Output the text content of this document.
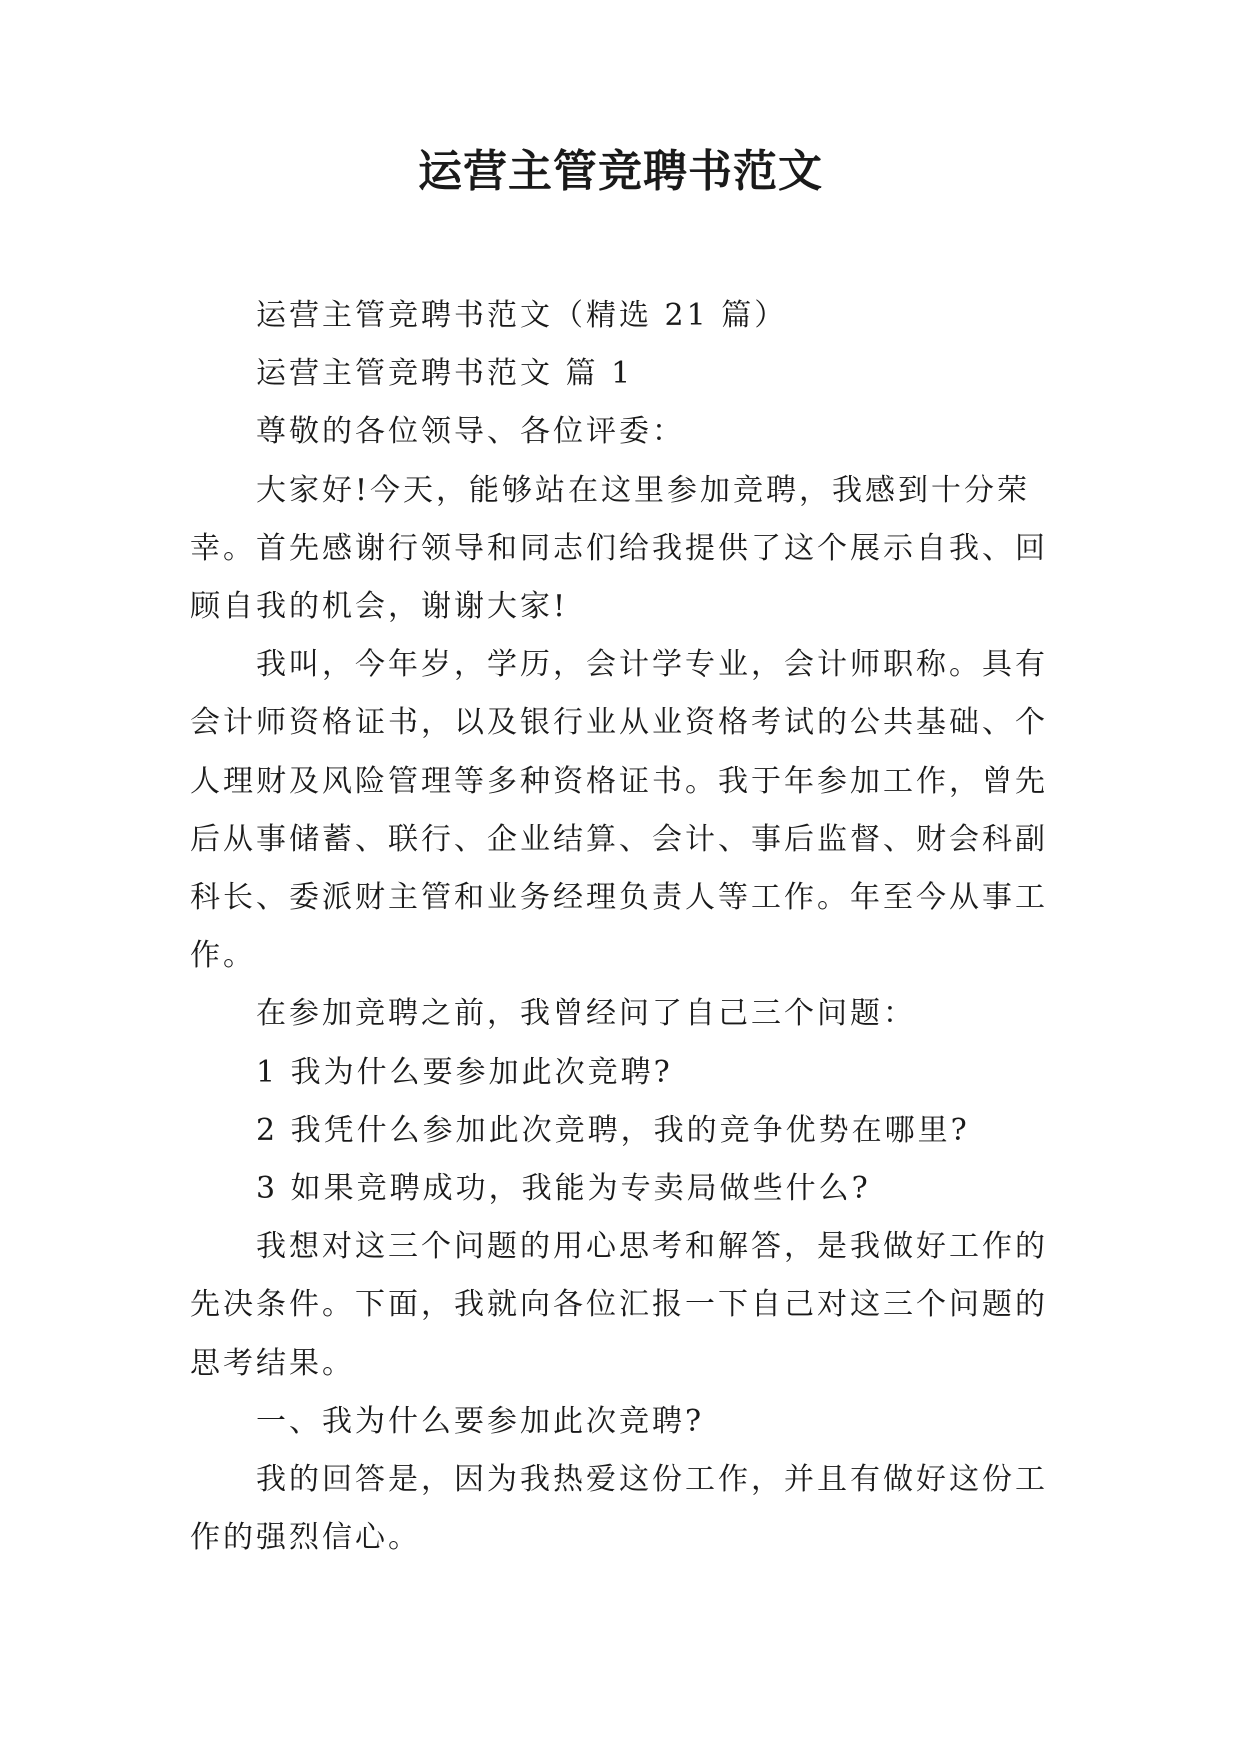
运营主管竞聘书范文

运营主管竞聘书范文（精选 21 篇）

运营主管竞聘书范文 篇 1

尊敬的各位领导、各位评委：

大家好!今天，能够站在这里参加竞聘，我感到十分荣幸。首先感谢行领导和同志们给我提供了这个展示自我、回顾自我的机会，谢谢大家!

我叫，今年岁，学历，会计学专业，会计师职称。具有会计师资格证书，以及银行业从业资格考试的公共基础、个人理财及风险管理等多种资格证书。我于年参加工作，曾先后从事储蓄、联行、企业结算、会计、事后监督、财会科副科长、委派财主管和业务经理负责人等工作。年至今从事工作。

在参加竞聘之前，我曾经问了自己三个问题：

1 我为什么要参加此次竞聘?

2 我凭什么参加此次竞聘，我的竞争优势在哪里?

3 如果竞聘成功，我能为专卖局做些什么?

我想对这三个问题的用心思考和解答，是我做好工作的先决条件。下面，我就向各位汇报一下自己对这三个问题的思考结果。

一、我为什么要参加此次竞聘?

我的回答是，因为我热爱这份工作，并且有做好这份工作的强烈信心。
